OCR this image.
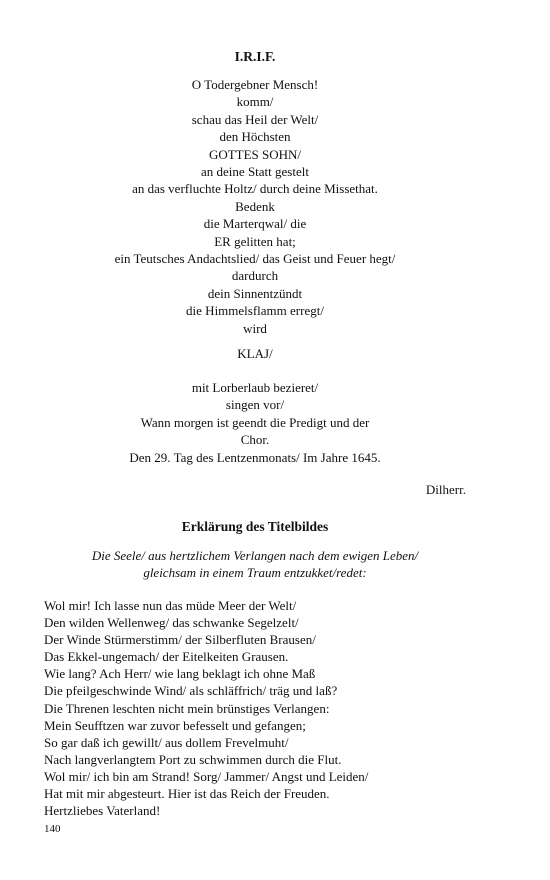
I.R.I.F.
O Todergebner Mensch!
komm/
schau das Heil der Welt/
den Höchsten
GOTTES SOHN/
an deine Statt gestelt
an das verfluchte Holtz/ durch deine Missethat.
Bedenk
die Marterqwal/ die
ER gelitten hat;
ein Teutsches Andachtslied/ das Geist und Feuer hegt/
dardurch
dein Sinnentzündt
die Himmelsflamm erregt/
wird
KLAJ/
mit Lorberlaub bezieret/
singen vor/
Wann morgen ist geendt die Predigt und der
Chor.
Den 29. Tag des Lentzenmonats/ Im Jahre 1645.
Dilherr.
Erklärung des Titelbildes
Die Seele/ aus hertzlichem Verlangen nach dem ewigen Leben/
gleichsam in einem Traum entzukket/redet:
Wol mir! Ich lasse nun das müde Meer der Welt/
Den wilden Wellenweg/ das schwanke Segelzelt/
Der Winde Stürmerstimm/ der Silberfluten Brausen/
Das Ekkel-ungemach/ der Eitelkeiten Grausen.
Wie lang? Ach Herr/ wie lang beklagt ich ohne Maß
Die pfeilgeschwinde Wind/ als schläffrich/ träg und laß?
Die Threnen leschten nicht mein brünstiges Verlangen:
Mein Seufftzen war zuvor befesselt und gefangen;
So gar daß ich gewillt/ aus dollem Frevelmuht/
Nach langverlangtem Port zu schwimmen durch die Flut.
Wol mir/ ich bin am Strand! Sorg/ Jammer/ Angst und Leiden/
Hat mit mir abgesteurt. Hier ist das Reich der Freuden.
Hertzliebes Vaterland!
140
